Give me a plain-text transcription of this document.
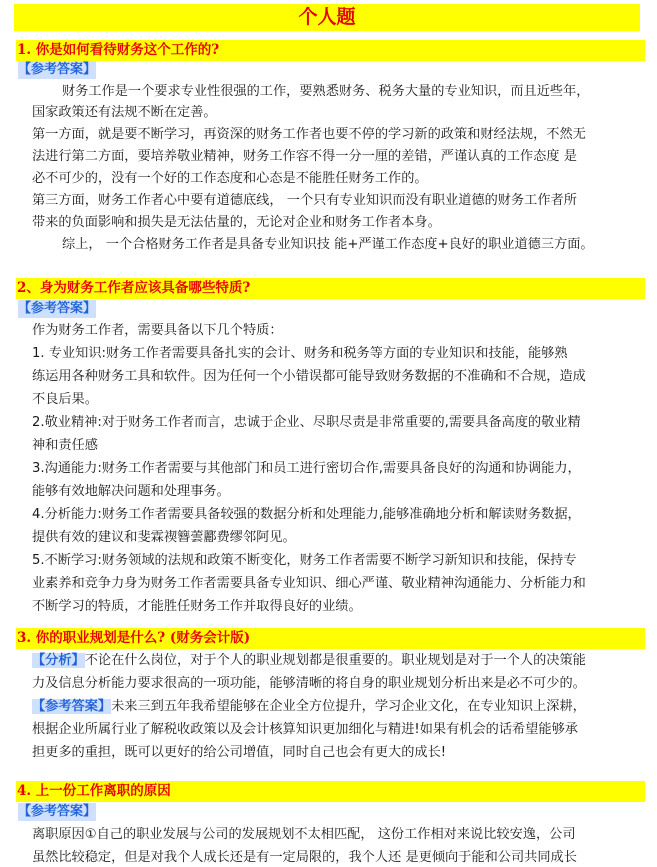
个人题
1. 你是如何看待财务这个工作的?
【参考答案】
财务工作是一个要求专业性很强的工作，要熟悉财务、税务大量的专业知识，而且近些年，
国家政策还有法规不断在定善。
第一方面，就是要不断学习，再资深的财务工作者也要不停的学习新的政策和财经法规，不然无
法进行第二方面，要培养敬业精神，财务工作容不得一分一厘的差错，严谨认真的工作态度 是
必不可少的，没有一个好的工作态度和心态是不能胜任财务工作的。
第三方面，财务工作者心中要有道德底线， 一个只有专业知识而没有职业道德的财务工作者所
带来的负面影响和损失是无法估量的，无论对企业和财务工作者本身。
综上， 一个合格财务工作者是具备专业知识技 能+严谨工作态度+良好的职业道德三方面。
2、身为财务工作者应该具备哪些特质?
【参考答案】
作为财务工作者，需要具备以下几个特质：
1. 专业知识:财务工作者需要具备扎实的会计、财务和税务等方面的专业知识和技能，能够熟
练运用各种财务工具和软件。因为任何一个小错误都可能导致财务数据的不准确和不合规，造成
不良后果。
2.敬业精神:对于财务工作者而言，忠诚于企业、尽职尽责是非常重要的,需要具备高度的敬业精
神和责任感
3.沟通能力:财务工作者需要与其他部门和员工进行密切合作,需要具备良好的沟通和协调能力，
能够有效地解决问题和处理事务。
4.分析能力:财务工作者需要具备较强的数据分析和处理能力,能够准确地分析和解读财务数据，
提供有效的建议和斐霖禊簪蕓酈费缪邻阿见。
5.不断学习:财务领域的法规和政策不断变化，财务工作者需要不断学习新知识和技能，保持专
业素养和竞争力身为财务工作者需要具备专业知识、细心严谨、敬业精神沟通能力、分析能力和
不断学习的特质，才能胜任财务工作并取得良好的业绩。
3. 你的职业规划是什么? (财务会计版)
【分析】不论在什么岗位，对于个人的职业规划都是很重要的。职业规划是对于一个人的决策能
力及信息分析能力要求很高的一项功能，能够清晰的将自身的职业规划分析出来是必不可少的。
【参考答案】未来三到五年我希望能够在企业全方位提升，学习企业文化，在专业知识上深耕，
根据企业所属行业了解税收政策以及会计核算知识更加细化与精进!如果有机会的话希望能够承
担更多的重担，既可以更好的给公司增值，同时自己也会有更大的成长!
4. 上一份工作离职的原因
【参考答案】
离职原因①自己的职业发展与公司的发展规划不太相匹配， 这份工作相对来说比较安逸，公司
虽然比较稳定，但是对我个人成长还是有一定局限的，我个人还 是更倾向于能和公司共同成长
